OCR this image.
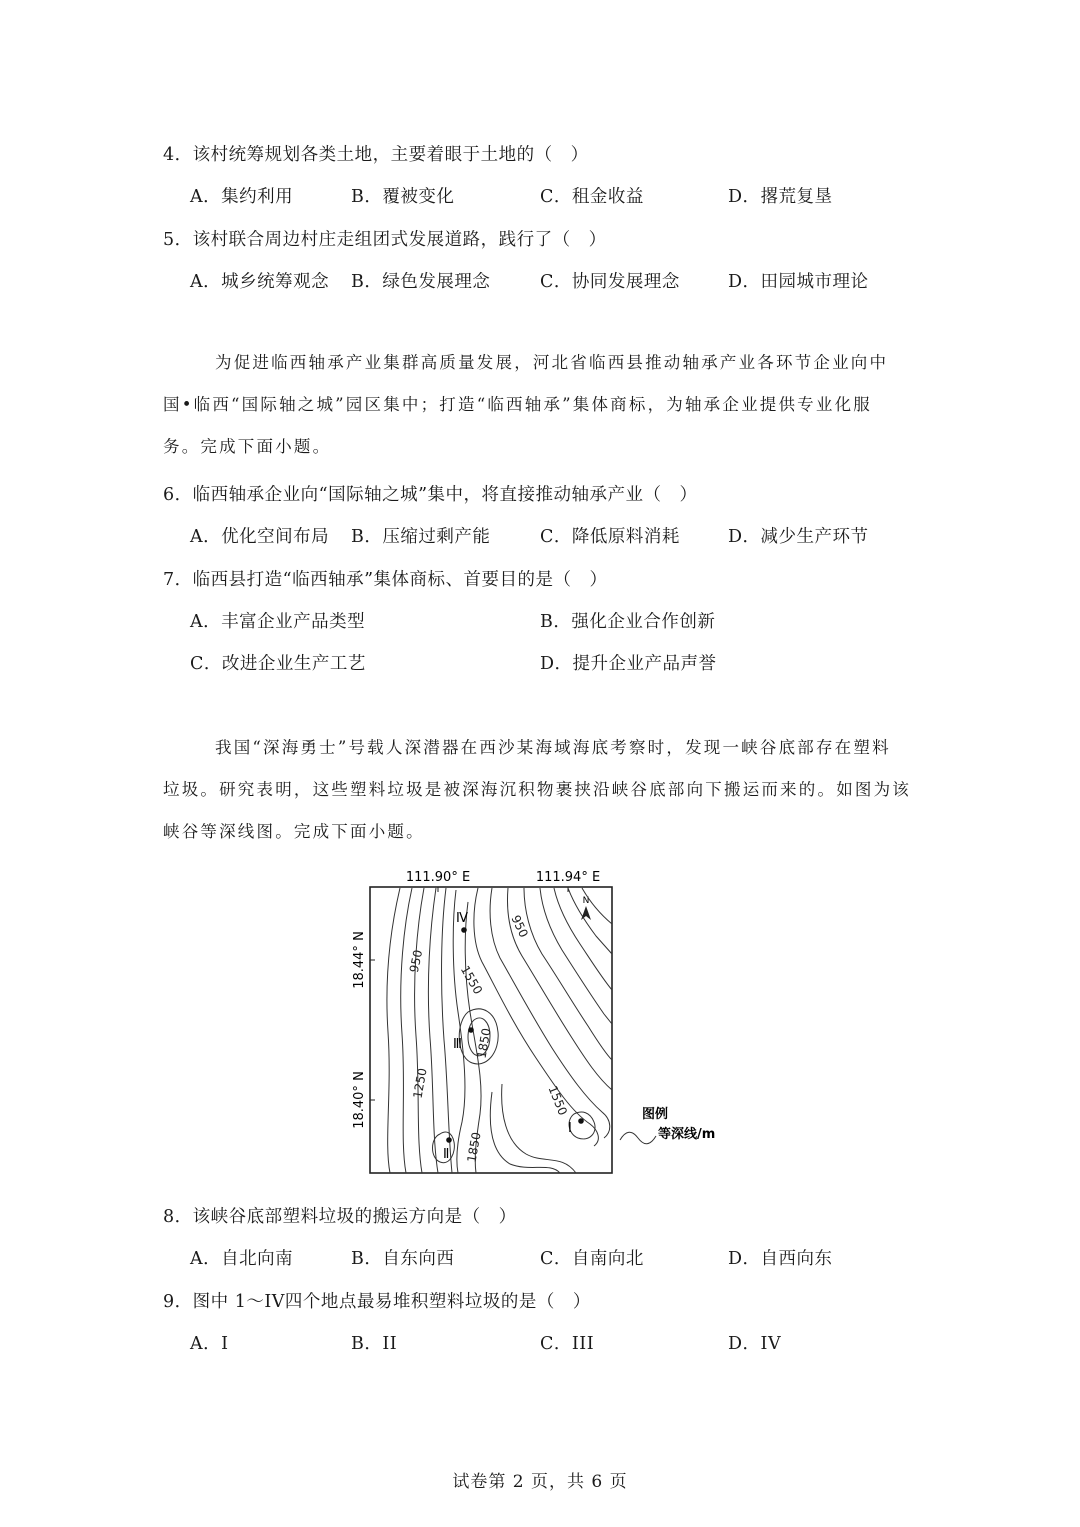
4．该村统筹规划各类土地，主要着眼于土地的（　）
A．集约利用	B．覆被变化	C．租金收益	D．撂荒复垦
5．该村联合周边村庄走组团式发展道路，践行了（　）
A．城乡统筹观念 B．绿色发展理念	C．协同发展理念	D．田园城市理论
为促进临西轴承产业集群高质量发展，河北省临西县推动轴承产业各环节企业向中
国•临西“国际轴之城”园区集中；打造“临西轴承”集体商标，为轴承企业提供专业化服
务。完成下面小题。
6．临西轴承企业向“国际轴之城”集中，将直接推动轴承产业（　）
A．优化空间布局 B．压缩过剩产能	C．降低原料消耗	D．减少生产环节
7．临西县打造“临西轴承”集体商标、首要目的是（　）
A．丰富企业产品类型	B．强化企业合作创新
C．改进企业生产工艺	D．提升企业产品声誉
我国“深海勇士”号载人深潜器在西沙某海域海底考察时，发现一峡谷底部存在塑料
垃圾。研究表明，这些塑料垃圾是被深海沉积物裹挟沿峡谷底部向下搬运而来的。如图为该
峡谷等深线图。完成下面小题。
111.90° E	111.94° E
18.44° N
18.40° N
N
950
950
1550
1850
1250
1550
1850
Ⅰ
Ⅱ
Ⅲ
Ⅳ
图例
等深线/m
8．该峡谷底部塑料垃圾的搬运方向是（　）
A．自北向南	B．自东向西	C．自南向北	D．自西向东
9．图中 1～IV四个地点最易堆积塑料垃圾的是（　）
A．I	B．II	C．III	D．IV
试卷第 2 页，共 6 页
